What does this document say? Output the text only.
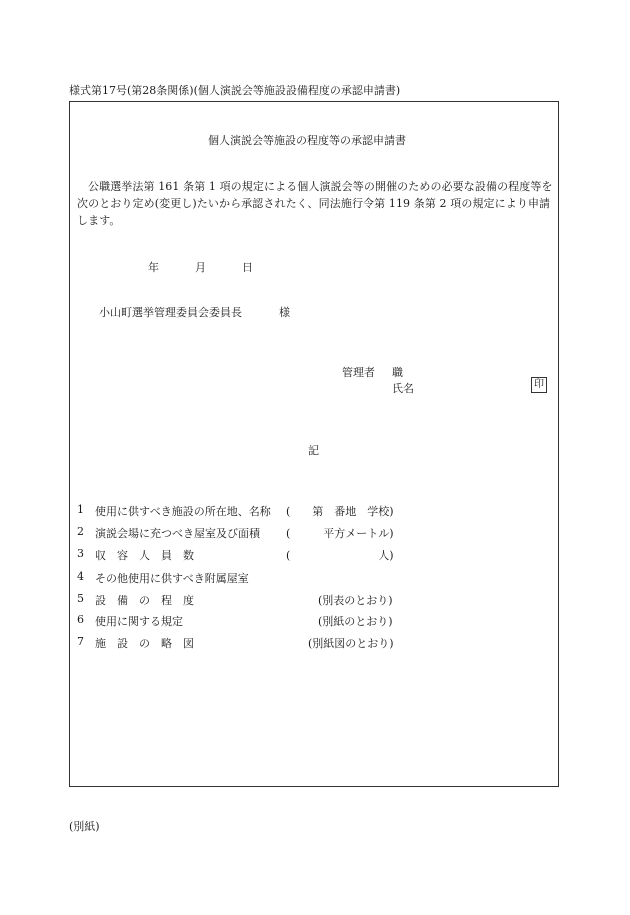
様式第17号(第28条関係)(個人演説会等施設設備程度の承認申請書)
個人演説会等施設の程度等の承認申請書
公職選挙法第 161 条第 1 項の規定による個人演説会等の開催のための必要な設備の程度等を次のとおり定め(変更し)たいから承認されたく、同法施行令第 119 条第 2 項の規定により申請します。
年	月	日
小山町選挙管理委員会委員長	様
管理者 職
氏名	印
記
1 使用に供すべき施設の所在地、名称 (　　第　番地　学校)
2 演説会場に充つべき屋室及び面積 (　　　平方メートル)
3 収　容　人　員　数	(　　　　　　　　人)
4 その他使用に供すべき附属屋室
5 設　備　の　程　度	(別表のとおり)
6 使用に関する規定	(別紙のとおり)
7 施　設　の　略　図	(別紙図のとおり)
(別紙)
